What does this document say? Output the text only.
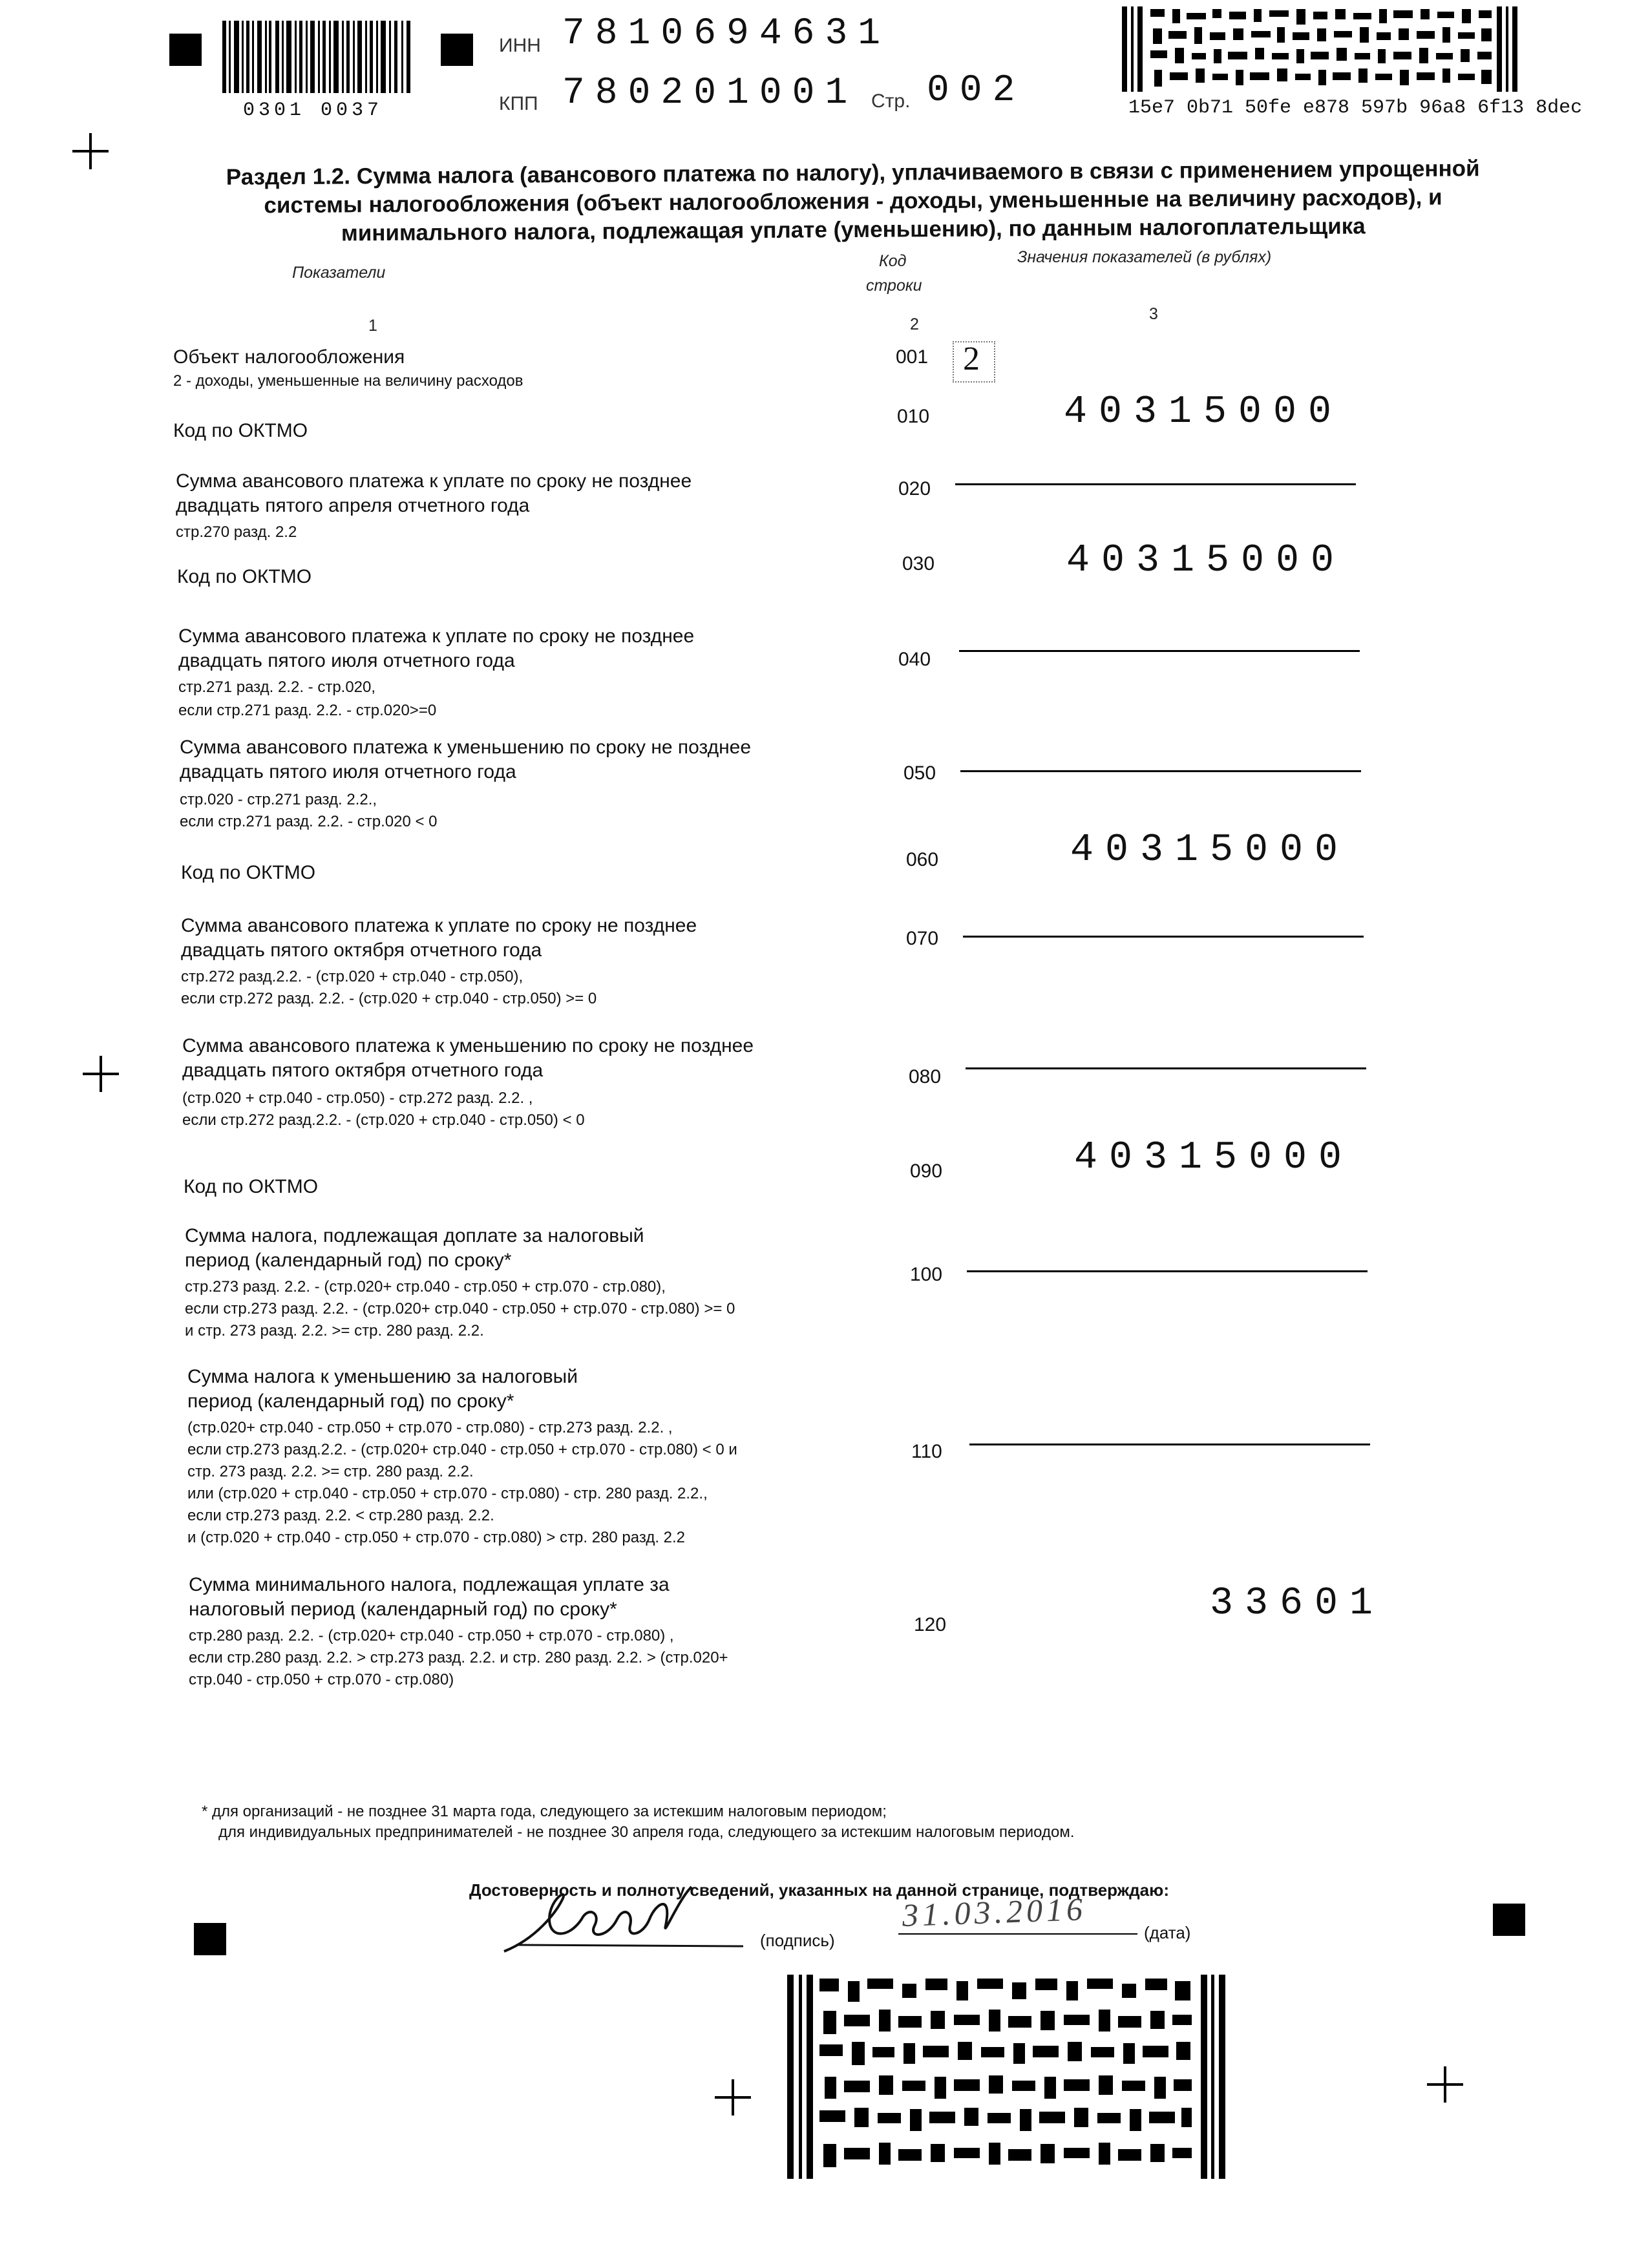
0301 0037
ИНН 7810694631
КПП 780201001 Стр. 002	15e7 0b71 50fe e878 597b 96a8 6f13 8dec
Раздел 1.2. Сумма налога (авансового платежа по налогу), уплачиваемого в связи с применением упрощенной системы налогообложения (объект налогообложения - доходы, уменьшенные на величину расходов), и минимального налога, подлежащая уплате (уменьшению), по данным налогоплательщика
Показатели
Код
строки
Значения показателей (в рублях)
1	2
3
Объект налогообложения
2 - доходы, уменьшенные на величину расходов
001 2
Код по ОКТМО
010	40315000
Сумма авансового платежа к уплате по сроку не позднее
двадцать пятого апреля отчетного года
стр.270 разд. 2.2
020
Код по ОКТМО
030	40315000
Сумма авансового платежа к уплате по сроку не позднее
двадцать пятого июля отчетного года
стр.271 разд. 2.2. - стр.020,
если стр.271 разд. 2.2. - стр.020>=0
040
Сумма авансового платежа к уменьшению по сроку не позднее
двадцать пятого июля отчетного года
стр.020 - стр.271 разд. 2.2.,
если стр.271 разд. 2.2. - стр.020 < 0
050
Код по ОКТМО
060	40315000
Сумма авансового платежа к уплате по сроку не позднее
двадцать пятого октября отчетного года
стр.272 разд.2.2. - (стр.020 + стр.040 - стр.050),
если стр.272 разд. 2.2. - (стр.020 + стр.040 - стр.050) >= 0
070
Сумма авансового платежа к уменьшению по сроку не позднее
двадцать пятого октября отчетного года
(стр.020 + стр.040 - стр.050) - стр.272 разд. 2.2. ,
если стр.272 разд.2.2. - (стр.020 + стр.040 - стр.050) < 0
080
Код по ОКТМО
090	40315000
Сумма налога, подлежащая доплате за налоговый
период (календарный год) по сроку*
стр.273 разд. 2.2. - (стр.020+ стр.040 - стр.050 + стр.070 - стр.080),
если стр.273 разд. 2.2. - (стр.020+ стр.040 - стр.050 + стр.070 - стр.080) >= 0
и стр. 273 разд. 2.2. >= стр. 280 разд. 2.2.
100
Сумма налога к уменьшению за налоговый
период (календарный год) по сроку*
(стр.020+ стр.040 - стр.050 + стр.070 - стр.080) - стр.273 разд. 2.2. ,
если стр.273 разд.2.2. - (стр.020+ стр.040 - стр.050 + стр.070 - стр.080) < 0 и
стр. 273 разд. 2.2. >= стр. 280 разд. 2.2.
или (стр.020 + стр.040 - стр.050 + стр.070 - стр.080) - стр. 280 разд. 2.2.,
если стр.273 разд. 2.2. < стр.280 разд. 2.2.
и (стр.020 + стр.040 - стр.050 + стр.070 - стр.080) > стр. 280 разд. 2.2
110
Сумма минимального налога, подлежащая уплате за
налоговый период (календарный год) по сроку*
стр.280 разд. 2.2. - (стр.020+ стр.040 - стр.050 + стр.070 - стр.080) ,
если стр.280 разд. 2.2. > стр.273 разд. 2.2. и стр. 280 разд. 2.2. > (стр.020+
стр.040 - стр.050 + стр.070 - стр.080)
120	33601
* для организаций - не позднее 31 марта года, следующего за истекшим налоговым периодом;
для индивидуальных предпринимателей - не позднее 30 апреля года, следующего за истекшим налоговым периодом.
Достоверность и полноту сведений, указанных на данной странице, подтверждаю:
(подпись)
31.03.2016	(дата)
